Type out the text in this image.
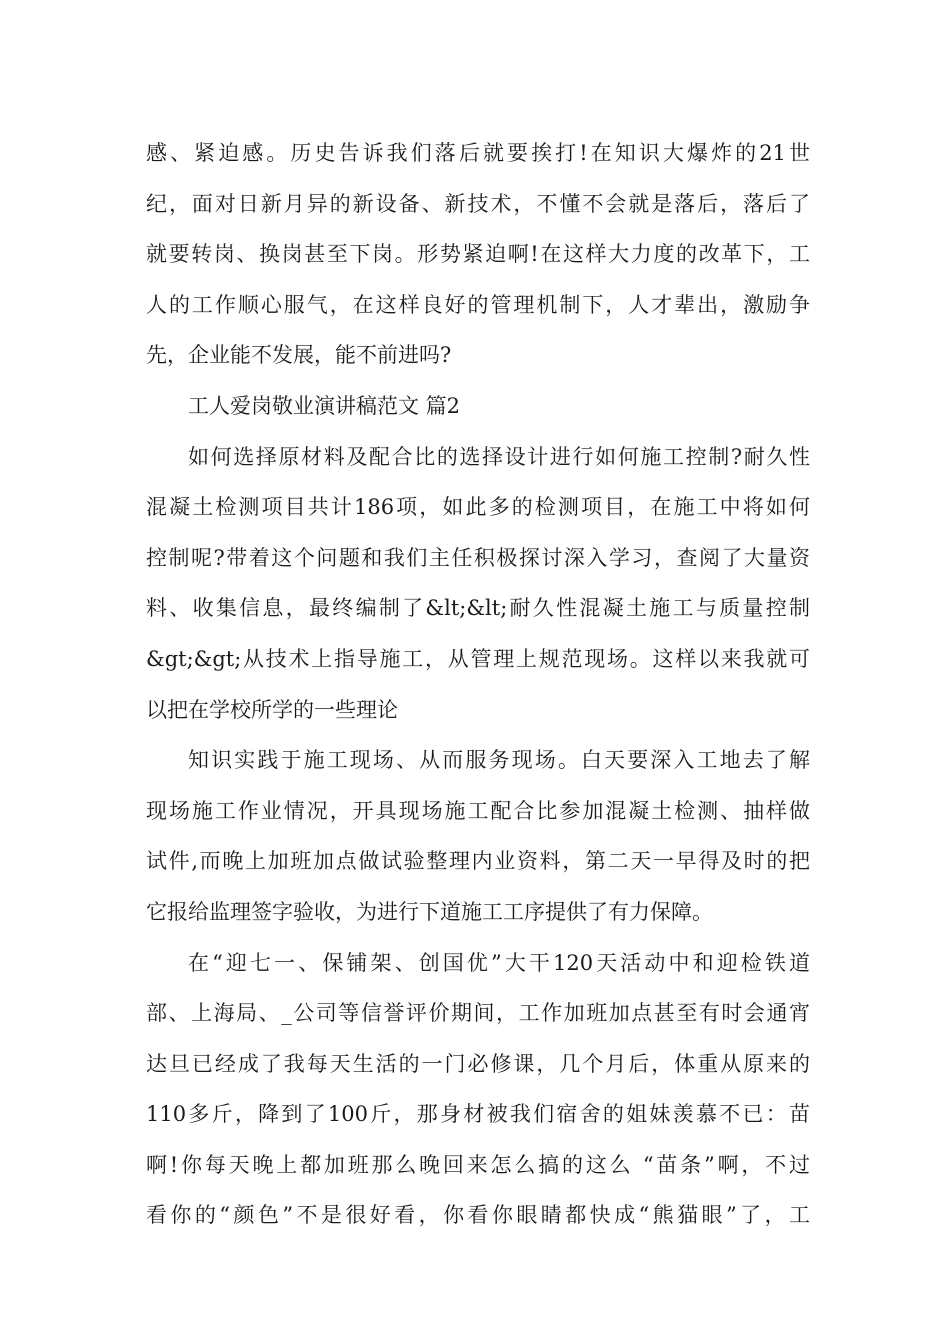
感、紧迫感。历史告诉我们落后就要挨打!在知识大爆炸的21世
纪，面对日新月异的新设备、新技术，不懂不会就是落后，落后了
就要转岗、换岗甚至下岗。形势紧迫啊!在这样大力度的改革下，工
人的工作顺心服气，在这样良好的管理机制下，人才辈出，激励争
先，企业能不发展，能不前进吗?
工人爱岗敬业演讲稿范文 篇2
如何选择原材料及配合比的选择设计进行如何施工控制?耐久性
混凝土检测项目共计186项，如此多的检测项目，在施工中将如何
控制呢?带着这个问题和我们主任积极探讨深入学习，查阅了大量资
料、收集信息，最终编制了&lt;&lt;耐久性混凝土施工与质量控制
&gt;&gt;从技术上指导施工，从管理上规范现场。这样以来我就可
以把在学校所学的一些理论
知识实践于施工现场、从而服务现场。白天要深入工地去了解
现场施工作业情况，开具现场施工配合比参加混凝土检测、抽样做
试件,而晚上加班加点做试验整理内业资料，第二天一早得及时的把
它报给监理签字验收，为进行下道施工工序提供了有力保障。
在“迎七一、保铺架、创国优”大干120天活动中和迎检铁道
部、上海局、_公司等信誉评价期间，工作加班加点甚至有时会通宵
达旦已经成了我每天生活的一门必修课，几个月后，体重从原来的
110多斤，降到了100斤，那身材被我们宿舍的姐妹羡慕不已：苗
啊!你每天晚上都加班那么晚回来怎么搞的这么 “苗条”啊，不过
看你的“颜色”不是很好看，你看你眼睛都快成“熊猫眼”了，工
